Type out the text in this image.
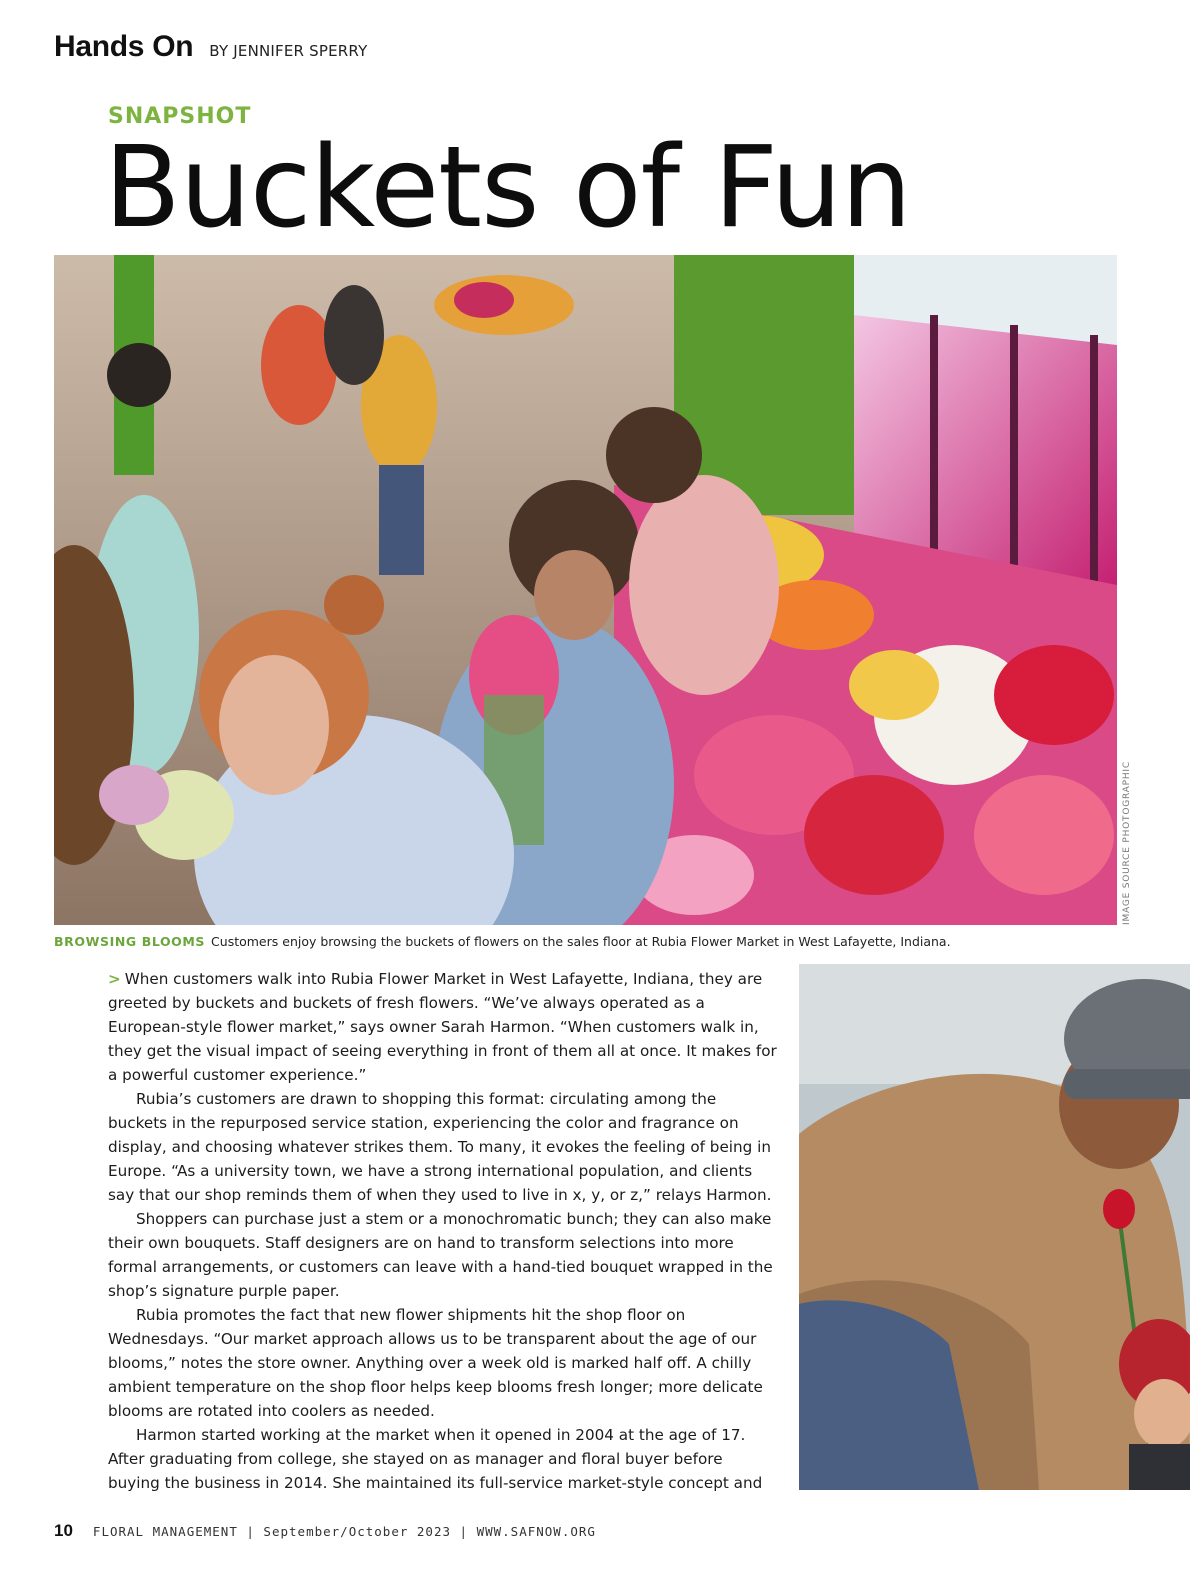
Hands On BY JENNIFER SPERRY
SNAPSHOT
Buckets of Fun
IMAGE SOURCE PHOTOGRAPHIC
BROWSING BLOOMS Customers enjoy browsing the buckets of flowers on the sales floor at Rubia Flower Market in West Lafayette, Indiana.

> When customers walk into Rubia Flower Market in West Lafayette, Indiana, they are greeted by buckets and buckets of fresh flowers. “We’ve always operated as a European-style flower market,” says owner Sarah Harmon. “When customers walk in, they get the visual impact of seeing everything in front of them all at once. It makes for a powerful customer experience.”

Rubia’s customers are drawn to shopping this format: circulating among the buckets in the repurposed service station, experiencing the color and fragrance on display, and choosing whatever strikes them. To many, it evokes the feeling of being in Europe. “As a university town, we have a strong international population, and clients say that our shop reminds them of when they used to live in x, y, or z,” relays Harmon.

Shoppers can purchase just a stem or a monochromatic bunch; they can also make their own bouquets. Staff designers are on hand to transform selections into more formal arrangements, or customers can leave with a hand-tied bouquet wrapped in the shop’s signature purple paper.

Rubia promotes the fact that new flower shipments hit the shop floor on Wednesdays. “Our market approach allows us to be transparent about the age of our blooms,” notes the store owner. Anything over a week old is marked half off. A chilly ambient temperature on the shop floor helps keep blooms fresh longer; more delicate blooms are rotated into coolers as needed.

Harmon started working at the market when it opened in 2004 at the age of 17. After graduating from college, she stayed on as manager and floral buyer before buying the business in 2014. She maintained its full-service market-style concept and

10 FLORAL MANAGEMENT | September/October 2023 | WWW.SAFNOW.ORG
